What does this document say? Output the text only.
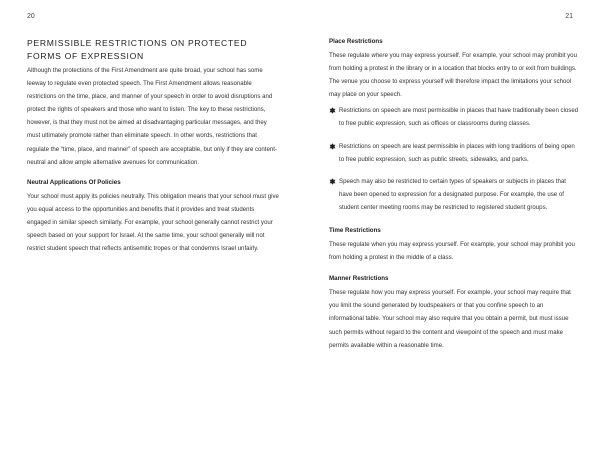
20	21
PERMISSIBLE RESTRICTIONS ON PROTECTED
FORMS OF EXPRESSION

Although the protections of the First Amendment are quite broad, your school has some leeway to regulate even protected speech. The First Amendment allows reasonable restrictions on the time, place, and manner of your speech in order to avoid disruptions and protect the rights of speakers and those who want to listen. The key to these restrictions, however, is that they must not be aimed at disadvantaging particular messages, and they must ultimately promote rather than eliminate speech. In other words, restrictions that regulate the “time, place, and manner” of speech are acceptable, but only if they are content-neutral and allow ample alternative avenues for communication.

Neutral Applications Of Policies

Your school must apply its policies neutrally. This obligation means that your school must give you equal access to the opportunities and benefits that it provides and treat students engaged in similar speech similarly. For example, your school generally cannot restrict your speech based on your support for Israel. At the same time, your school generally will not restrict student speech that reflects antisemitic tropes or that condemns Israel unfairly.

Place Restrictions

These regulate where you may express yourself. For example, your school may prohibit you from holding a protest in the library or in a location that blocks entry to or exit from buildings. The venue you choose to express yourself will therefore impact the limitations your school may place on your speech.

Restrictions on speech are most permissible in places that have traditionally been closed to free public expression, such as offices or classrooms during classes.

Restrictions on speech are least permissible in places with long traditions of being open to free public expression, such as public streets, sidewalks, and parks.

Speech may also be restricted to certain types of speakers or subjects in places that have been opened to expression for a designated purpose. For example, the use of student center meeting rooms may be restricted to registered student groups.

Time Restrictions

These regulate when you may express yourself. For example, your school may prohibit you from holding a protest in the middle of a class.

Manner Restrictions

These regulate how you may express yourself. For example, your school may require that you limit the sound generated by loudspeakers or that you confine speech to an informational table. Your school may also require that you obtain a permit, but must issue such permits without regard to the content and viewpoint of the speech and must make permits available within a reasonable time.
